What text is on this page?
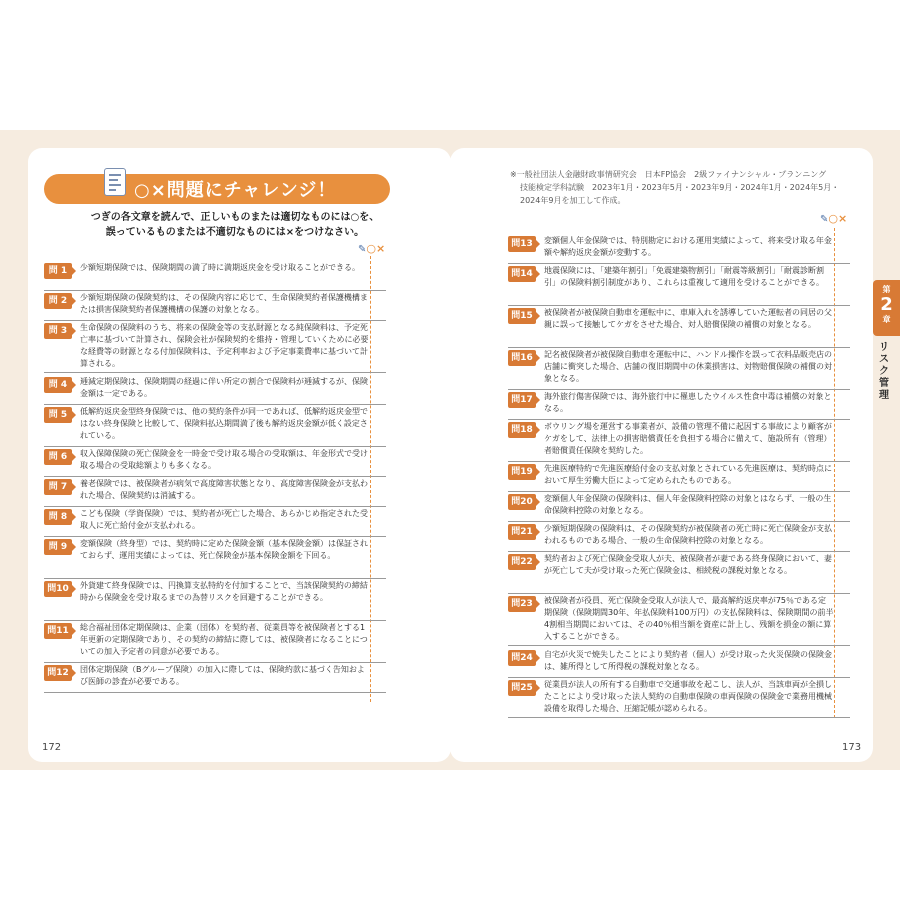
○×問題にチャレンジ！
つぎの各文章を読んで、正しいものまたは適切なものには○を、
誤っているものまたは不適切なものには×をつけなさい。
✎○×
※一般社団法人金融財政事情研究会　日本FP協会　2級ファイナンシャル・プランニング
技能検定学科試験　2023年1月・2023年5月・2023年9月・2024年1月・2024年5月・
2024年9月を加工して作成。
✎○×
問 1	少額短期保険では、保険期間の満了時に満期返戻金を受け取ることができる。
問 2	少額短期保険の保険契約は、その保険内容に応じて、生命保険契約者保護機構または損害保険契約者保護機構の保護の対象となる。
問 3	生命保険の保険料のうち、将来の保険金等の支払財源となる純保険料は、予定死亡率に基づいて計算され、保険会社が保険契約を維持・管理していくために必要な経費等の財源となる付加保険料は、予定利率および予定事業費率に基づいて計算される。
問 4	逓減定期保険は、保険期間の経過に伴い所定の割合で保険料が逓減するが、保険金額は一定である。
問 5	低解約返戻金型終身保険では、他の契約条件が同一であれば、低解約返戻金型ではない終身保険と比較して、保険料払込期間満了後も解約返戻金額が低く設定されている。
問 6	収入保障保険の死亡保険金を一時金で受け取る場合の受取額は、年金形式で受け取る場合の受取総額よりも多くなる。
問 7	養老保険では、被保険者が病気で高度障害状態となり、高度障害保険金が支払われた場合、保険契約は消滅する。
問 8	こども保険（学資保険）では、契約者が死亡した場合、あらかじめ指定された受取人に死亡給付金が支払われる。
問 9	変額保険（終身型）では、契約時に定めた保険金額（基本保険金額）は保証されておらず、運用実績によっては、死亡保険金が基本保険金額を下回る。
問10	外貨建て終身保険では、円換算支払特約を付加することで、当該保険契約の締結時から保険金を受け取るまでの為替リスクを回避することができる。
問11	総合福祉団体定期保険は、企業（団体）を契約者、従業員等を被保険者とする1年更新の定期保険であり、その契約の締結に際しては、被保険者になることについての加入予定者の同意が必要である。
問12	団体定期保険（Bグループ保険）の加入に際しては、保険約款に基づく告知および医師の診査が必要である。
問13	変額個人年金保険では、特別勘定における運用実績によって、将来受け取る年金額や解約返戻金額が変動する。
問14	地震保険には、「建築年割引」「免震建築物割引」「耐震等級割引」「耐震診断割引」の保険料割引制度があり、これらは重複して適用を受けることができる。
問15	被保険者が被保険自動車を運転中に、車庫入れを誘導していた運転者の同居の父親に誤って接触してケガをさせた場合、対人賠償保険の補償の対象となる。
問16	記名被保険者が被保険自動車を運転中に、ハンドル操作を誤って衣料品販売店の店舗に衝突した場合、店舗の復旧期間中の休業損害は、対物賠償保険の補償の対象となる。
問17	海外旅行傷害保険では、海外旅行中に罹患したウイルス性食中毒は補償の対象となる。
問18	ボウリング場を運営する事業者が、設備の管理不備に起因する事故により顧客がケガをして、法律上の損害賠償責任を負担する場合に備えて、施設所有（管理）者賠償責任保険を契約した。
問19	先進医療特約で先進医療給付金の支払対象とされている先進医療は、契約時点において厚生労働大臣によって定められたものである。
問20	変額個人年金保険の保険料は、個人年金保険料控除の対象とはならず、一般の生命保険料控除の対象となる。
問21	少額短期保険の保険料は、その保険契約が被保険者の死亡時に死亡保険金が支払われるものである場合、一般の生命保険料控除の対象となる。
問22	契約者および死亡保険金受取人が夫、被保険者が妻である終身保険において、妻が死亡して夫が受け取った死亡保険金は、相続税の課税対象となる。
問23	被保険者が役員、死亡保険金受取人が法人で、最高解約返戻率が75％である定期保険（保険期間30年、年払保険料100万円）の支払保険料は、保険期間の前半4割相当期間においては、その40％相当額を資産に計上し、残額を損金の額に算入することができる。
問24	自宅が火災で焼失したことにより契約者（個人）が受け取った火災保険の保険金は、雑所得として所得税の課税対象となる。
問25	従業員が法人の所有する自動車で交通事故を起こし、法人が、当該車両が全損したことにより受け取った法人契約の自動車保険の車両保険の保険金で業務用機械設備を取得した場合、圧縮記帳が認められる。
第
2
章
リスク管理
172	173
